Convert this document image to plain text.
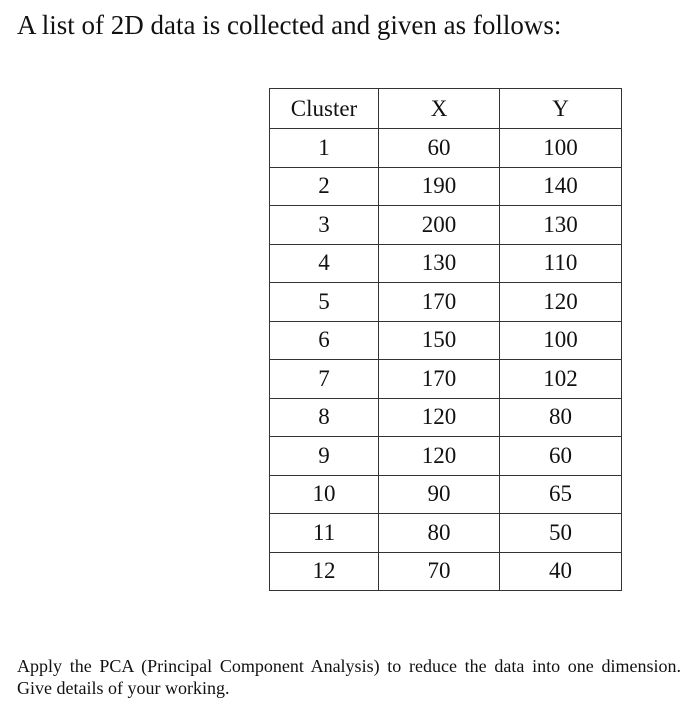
A list of 2D data is collected and given as follows:
Cluster	X	Y
1	60	100
2	190	140
3	200	130
4	130	110
5	170	120
6	150	100
7	170	102
8	120	80
9	120	60
10	90	65
11	80	50
12	70	40

Apply the PCA (Principal Component Analysis) to reduce the data into one dimension. Give details of your working.
